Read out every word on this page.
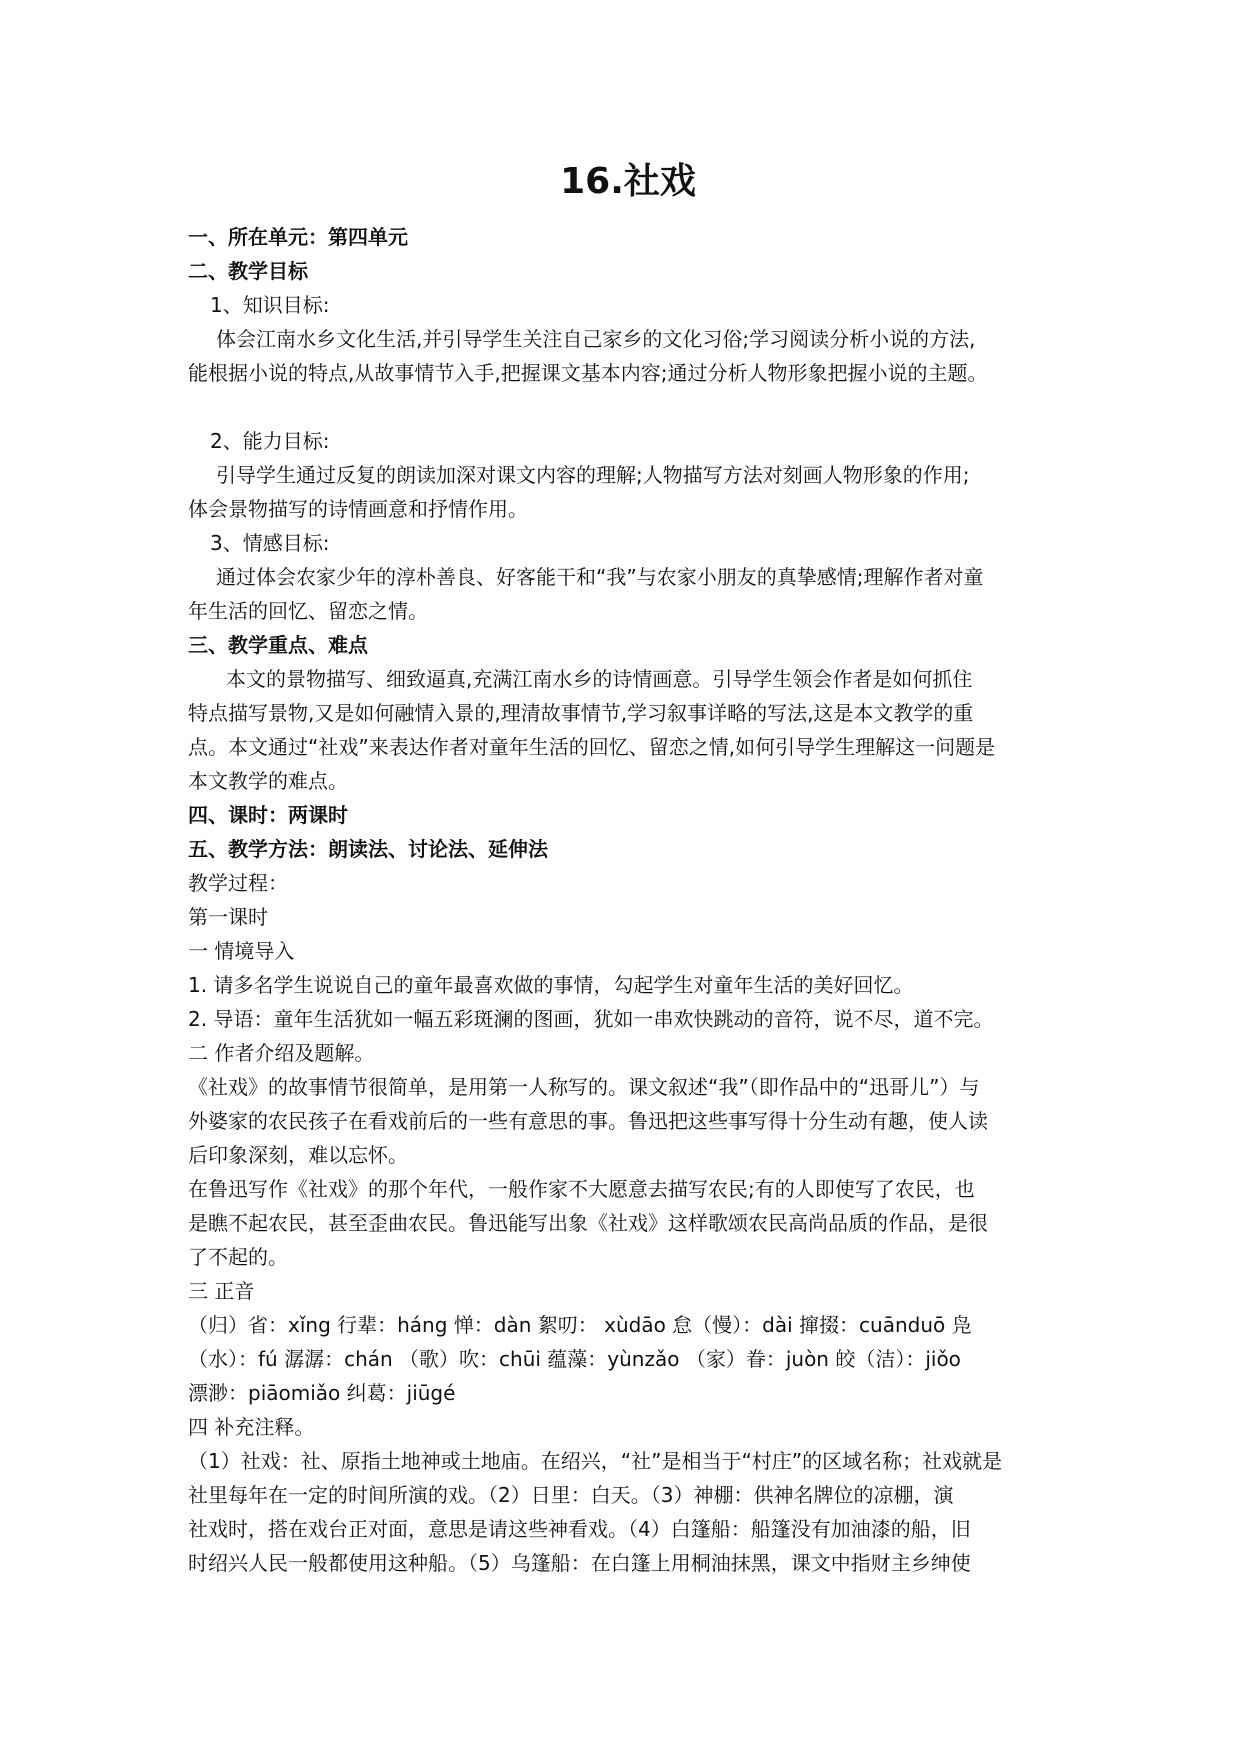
16.社戏
一、所在单元：第四单元
二、教学目标
1、知识目标:
体会江南水乡文化生活,并引导学生关注自己家乡的文化习俗;学习阅读分析小说的方法,
能根据小说的特点,从故事情节入手,把握课文基本内容;通过分析人物形象把握小说的主题。
2、能力目标:
引导学生通过反复的朗读加深对课文内容的理解;人物描写方法对刻画人物形象的作用;
体会景物描写的诗情画意和抒情作用。
3、情感目标:
通过体会农家少年的淳朴善良、好客能干和“我”与农家小朋友的真挚感情;理解作者对童
年生活的回忆、留恋之情。
三、教学重点、难点
本文的景物描写、细致逼真,充满江南水乡的诗情画意。引导学生领会作者是如何抓住
特点描写景物,又是如何融情入景的,理清故事情节,学习叙事详略的写法,这是本文教学的重
点。本文通过“社戏”来表达作者对童年生活的回忆、留恋之情,如何引导学生理解这一问题是
本文教学的难点。
四、课时：两课时
五、教学方法：朗读法、讨论法、延伸法
教学过程：
第一课时
一 情境导入
1. 请多名学生说说自己的童年最喜欢做的事情，勾起学生对童年生活的美好回忆。
2. 导语：童年生活犹如一幅五彩斑澜的图画，犹如一串欢快跳动的音符，说不尽，道不完。
二 作者介绍及题解。
《社戏》的故事情节很简单，是用第一人称写的。课文叙述“我”（即作品中的“迅哥儿”）与
外婆家的农民孩子在看戏前后的一些有意思的事。鲁迅把这些事写得十分生动有趣，使人读
后印象深刻，难以忘怀。
在鲁迅写作《社戏》的那个年代，一般作家不大愿意去描写农民;有的人即使写了农民，也
是瞧不起农民，甚至歪曲农民。鲁迅能写出象《社戏》这样歌颂农民高尚品质的作品，是很
了不起的。
三 正音
（归）省：xǐng 行辈：háng 惮：dàn 絮叨： xùdāo 怠（慢）：dài 撺掇：cuānduō 凫
（水）：fú 潺潺：chán （歌）吹：chūi 蕴藻：yùnzǎo （家）眷：juòn 皎（洁）：jiǒo
漂渺：piāomiǎo 纠葛：jiūgé
四 补充注释。
（1）社戏：社、原指土地神或土地庙。在绍兴，“社”是相当于“村庄”的区域名称；社戏就是
社里每年在一定的时间所演的戏。（2）日里：白天。（3）神棚：供神名牌位的凉棚，演
社戏时，搭在戏台正对面，意思是请这些神看戏。（4）白篷船：船篷没有加油漆的船，旧
时绍兴人民一般都使用这种船。（5）乌篷船：在白篷上用桐油抹黑，课文中指财主乡绅使
